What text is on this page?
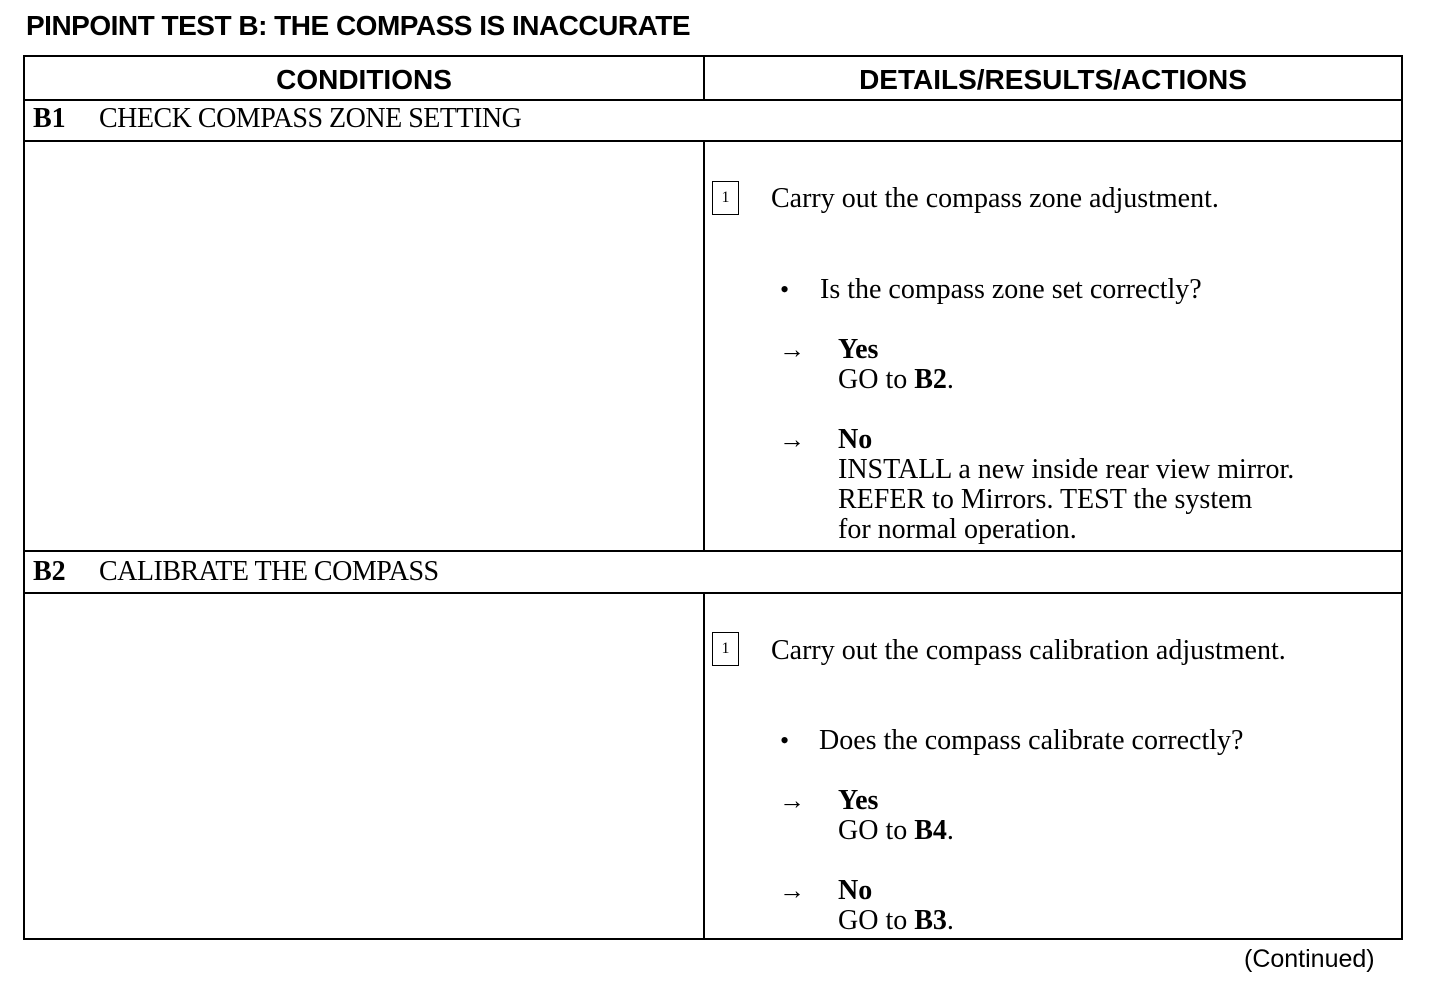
PINPOINT TEST B: THE COMPASS IS INACCURATE
CONDITIONS	DETAILS/RESULTS/ACTIONS
B1 CHECK COMPASS ZONE SETTING
1	Carry out the compass zone adjustment.
• Is the compass zone set correctly?
→ Yes
GO to B2.
→ No
INSTALL a new inside rear view mirror.
REFER to Mirrors. TEST the system
for normal operation.
B2 CALIBRATE THE COMPASS
1	Carry out the compass calibration adjustment.
• Does the compass calibrate correctly?
→ Yes
GO to B4.
→ No
GO to B3.
(Continued)
